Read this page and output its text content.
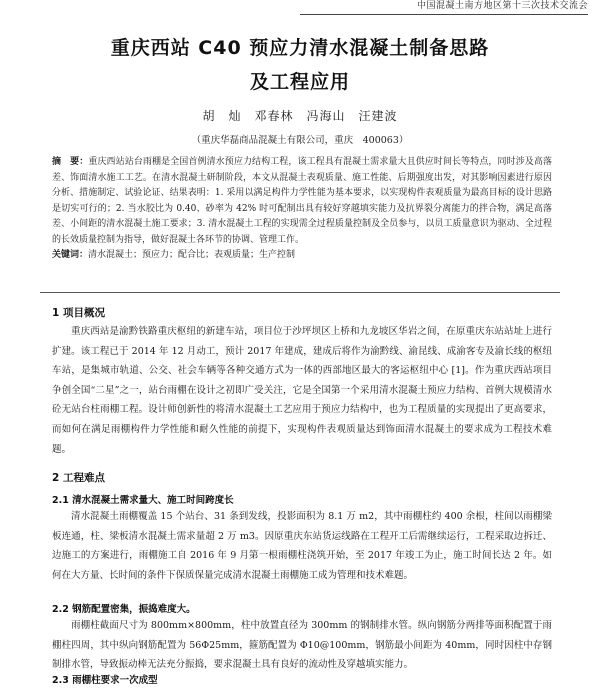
中国混凝土南方地区第十三次技术交流会
重庆西站 C40 预应力清水混凝土制备思路
及工程应用
胡　灿　邓春林　冯海山　汪建波
（重庆华磊商品混凝土有限公司，重庆　400063）
摘　要：重庆西站站台雨棚是全国首例清水预应力结构工程，该工程具有混凝土需求量大且供应时间长等特点，同时涉及高落差、饰面清水施工工艺。在清水混凝土研制阶段，本文从混凝土表观质量、施工性能、后期强度出发，对其影响因素进行原因分析、措施制定、试验论证、结果表明：1. 采用以满足构件力学性能为基本要求，以实现构件表观质量为最高目标的设计思路是切实可行的；2. 当水胶比为 0.40、砂率为 42% 时可配制出具有较好穿越填实能力及抗界裂分离能力的拌合物，满足高落差、小间距的清水混凝土施工要求；3. 清水混凝土工程的实现需全过程质量控制及全员参与，以员工质量意识为驱动、全过程的长效质量控制为指导，做好混凝土各环节的协调、管理工作。
关键词：清水混凝土；预应力；配合比；表观质量；生产控制
1 项目概况

重庆西站是渝黔铁路重庆枢纽的新建车站，项目位于沙坪坝区上桥和九龙坡区华岩之间，在原重庆东站站址上进行扩建。该工程已于 2014 年 12 月动工，预计 2017 年建成，建成后将作为渝黔线、渝昆线、成渝客专及渝长线的枢纽车站，是集城市轨道、公交、社会车辆等各种交通方式为一体的西部地区最大的客运枢纽中心 [1]。作为重庆西站项目争创全国“二星”之一，站台雨棚在设计之初即广受关注，它是全国第一个采用清水混凝土预应力结构、首例大规模清水砼无站台柱雨棚工程。设计师创新性的将清水混凝土工艺应用于预应力结构中，也为工程质量的实现提出了更高要求，而如何在满足雨棚构件力学性能和耐久性能的前提下，实现构件表观质量达到饰面清水混凝土的要求成为工程技术难题。

2 工程难点
2.1 清水混凝土需求量大、施工时间跨度长

清水混凝土雨棚覆盖 15 个站台、31 条到发线，投影面积为 8.1 万 m2，其中雨棚柱约 400 余根，柱间以雨棚梁板连通，柱、梁板清水混凝土需求量超 2 万 m3。因原重庆东站货运线路在工程开工后需继续运行，工程采取边拆迁、边施工的方案进行，雨棚施工自 2016 年 9 月第一根雨棚柱浇筑开始，至 2017 年竣工为止，施工时间长达 2 年。如何在大方量、长时间的条件下保质保量完成清水混凝土雨棚施工成为管理和技术难题。

2.2 钢筋配置密集，振捣难度大。

雨棚柱截面尺寸为 800mm×800mm，柱中放置直径为 300mm 的钢制排水管。纵向钢筋分两排等面积配置于雨棚柱四周，其中纵向钢筋配置为 56Φ25mm，箍筋配置为 Φ10@100mm，钢筋最小间距为 40mm，同时因柱中存钢制排水管，导致振动棒无法充分振捣，要求混凝土具有良好的流动性及穿越填实能力。

2.3 雨棚柱要求一次成型
